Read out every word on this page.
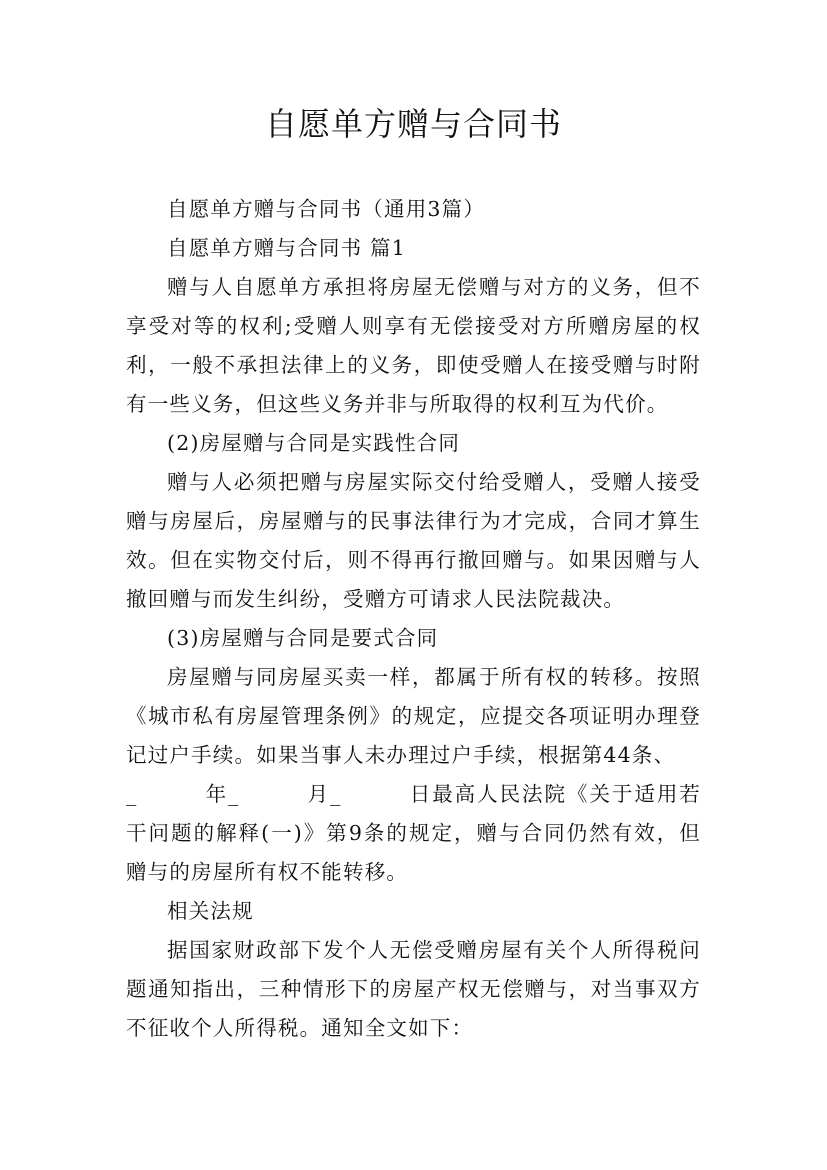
自愿单方赠与合同书

自愿单方赠与合同书（通用3篇）

自愿单方赠与合同书 篇1

赠与人自愿单方承担将房屋无偿赠与对方的义务，但不享受对等的权利;受赠人则享有无偿接受对方所赠房屋的权利，一般不承担法律上的义务，即使受赠人在接受赠与时附有一些义务，但这些义务并非与所取得的权利互为代价。

(2)房屋赠与合同是实践性合同

赠与人必须把赠与房屋实际交付给受赠人，受赠人接受赠与房屋后，房屋赠与的民事法律行为才完成，合同才算生效。但在实物交付后，则不得再行撤回赠与。如果因赠与人撤回赠与而发生纠纷，受赠方可请求人民法院裁决。

(3)房屋赠与合同是要式合同

房屋赠与同房屋买卖一样，都属于所有权的转移。按照《城市私有房屋管理条例》的规定，应提交各项证明办理登记过户手续。如果当事人未办理过户手续，根据第44条、

_　　　年_　　　月_　　　日最高人民法院《关于适用若干问题的解释(一)》第9条的规定，赠与合同仍然有效，但赠与的房屋所有权不能转移。

相关法规

据国家财政部下发个人无偿受赠房屋有关个人所得税问题通知指出，三种情形下的房屋产权无偿赠与，对当事双方不征收个人所得税。通知全文如下：
